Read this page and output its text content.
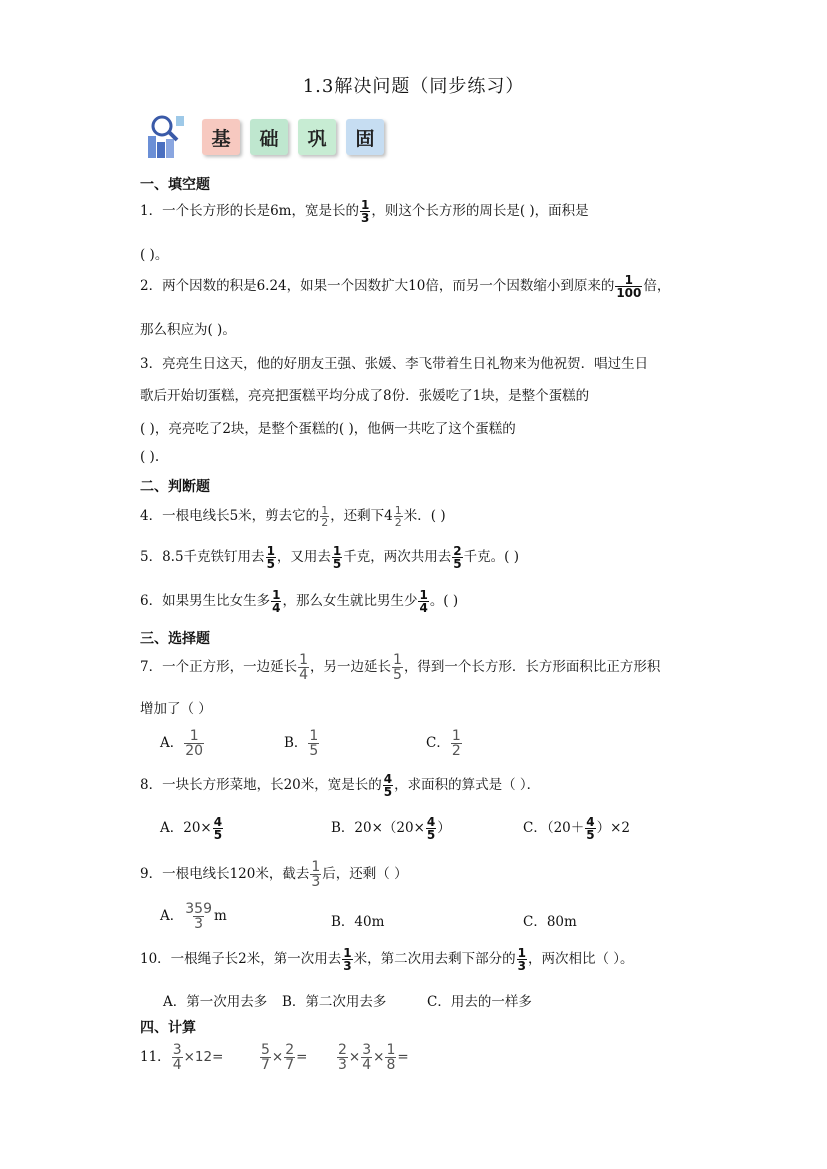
1.3解决问题（同步练习）
基	础	巩	固
一、填空题
1．一个长方形的长是6m，宽是长的 $\frac{1}{3}$ ，则这个长方形的周长是( )，面积是
( )。
2．两个因数的积是6.24，如果一个因数扩大10倍，而另一个因数缩小到原来的 $\frac{1}{100}$ 倍，
那么积应为( )。
3．亮亮生日这天，他的好朋友王强、张媛、李飞带着生日礼物来为他祝贺．唱过生日
歌后开始切蛋糕，亮亮把蛋糕平均分成了8份．张媛吃了1块，是整个蛋糕的
( )，亮亮吃了2块，是整个蛋糕的( )，他俩一共吃了这个蛋糕的
( ).
二、判断题
4．一根电线长5米，剪去它的 $\frac{1}{2}$ ，还剩下$4 \frac{1}{2}$ 米．( )
5．8.5千克铁钉用去 $\frac{1}{5}$ ，又用去 $\frac{1}{5}$ 千克，两次共用去 $\frac{2}{5}$ 千克。( )
6．如果男生比女生多 $\frac{1}{4}$ ，那么女生就比男生少 $\frac{1}{4}$ 。( )
三、选择题
7．一个正方形，一边延长 $\frac{1}{4}$ ，另一边延长 $\frac{1}{5}$ ，得到一个长方形．长方形面积比正方形积
增加了（ ）
A． $\frac{1}{20}$	B． $\frac{1}{5}$	C． $\frac{1}{2}$
8．一块长方形菜地，长20米，宽是长的 $\frac{4}{5}$ ，求面积的算式是（ ）．
A．$20\times \frac{4}{5}$	B．$20\times(20\times \frac{4}{5}$ ）	C．$(20+ \frac{4}{5} )\times 2$
9．一根电线长120米，截去 $\frac{1}{3}$ 后，还剩（ ）
A． $\frac{359}{3}$ m	B．40m	C．80m
10．一根绳子长2米，第一次用去 $\frac{1}{3}$ 米，第二次用去剩下部分的 $\frac{1}{3}$ ，两次相比（ ）。
A．第一次用去多 B．第二次用去多	C．用去的一样多
四、计算
11． $\frac{3}{4} \times 12=$	$\frac{5}{7} \times \frac{2}{7} = \frac{2}{3} \times \frac{3}{4} \times \frac{1}{8}$ =
